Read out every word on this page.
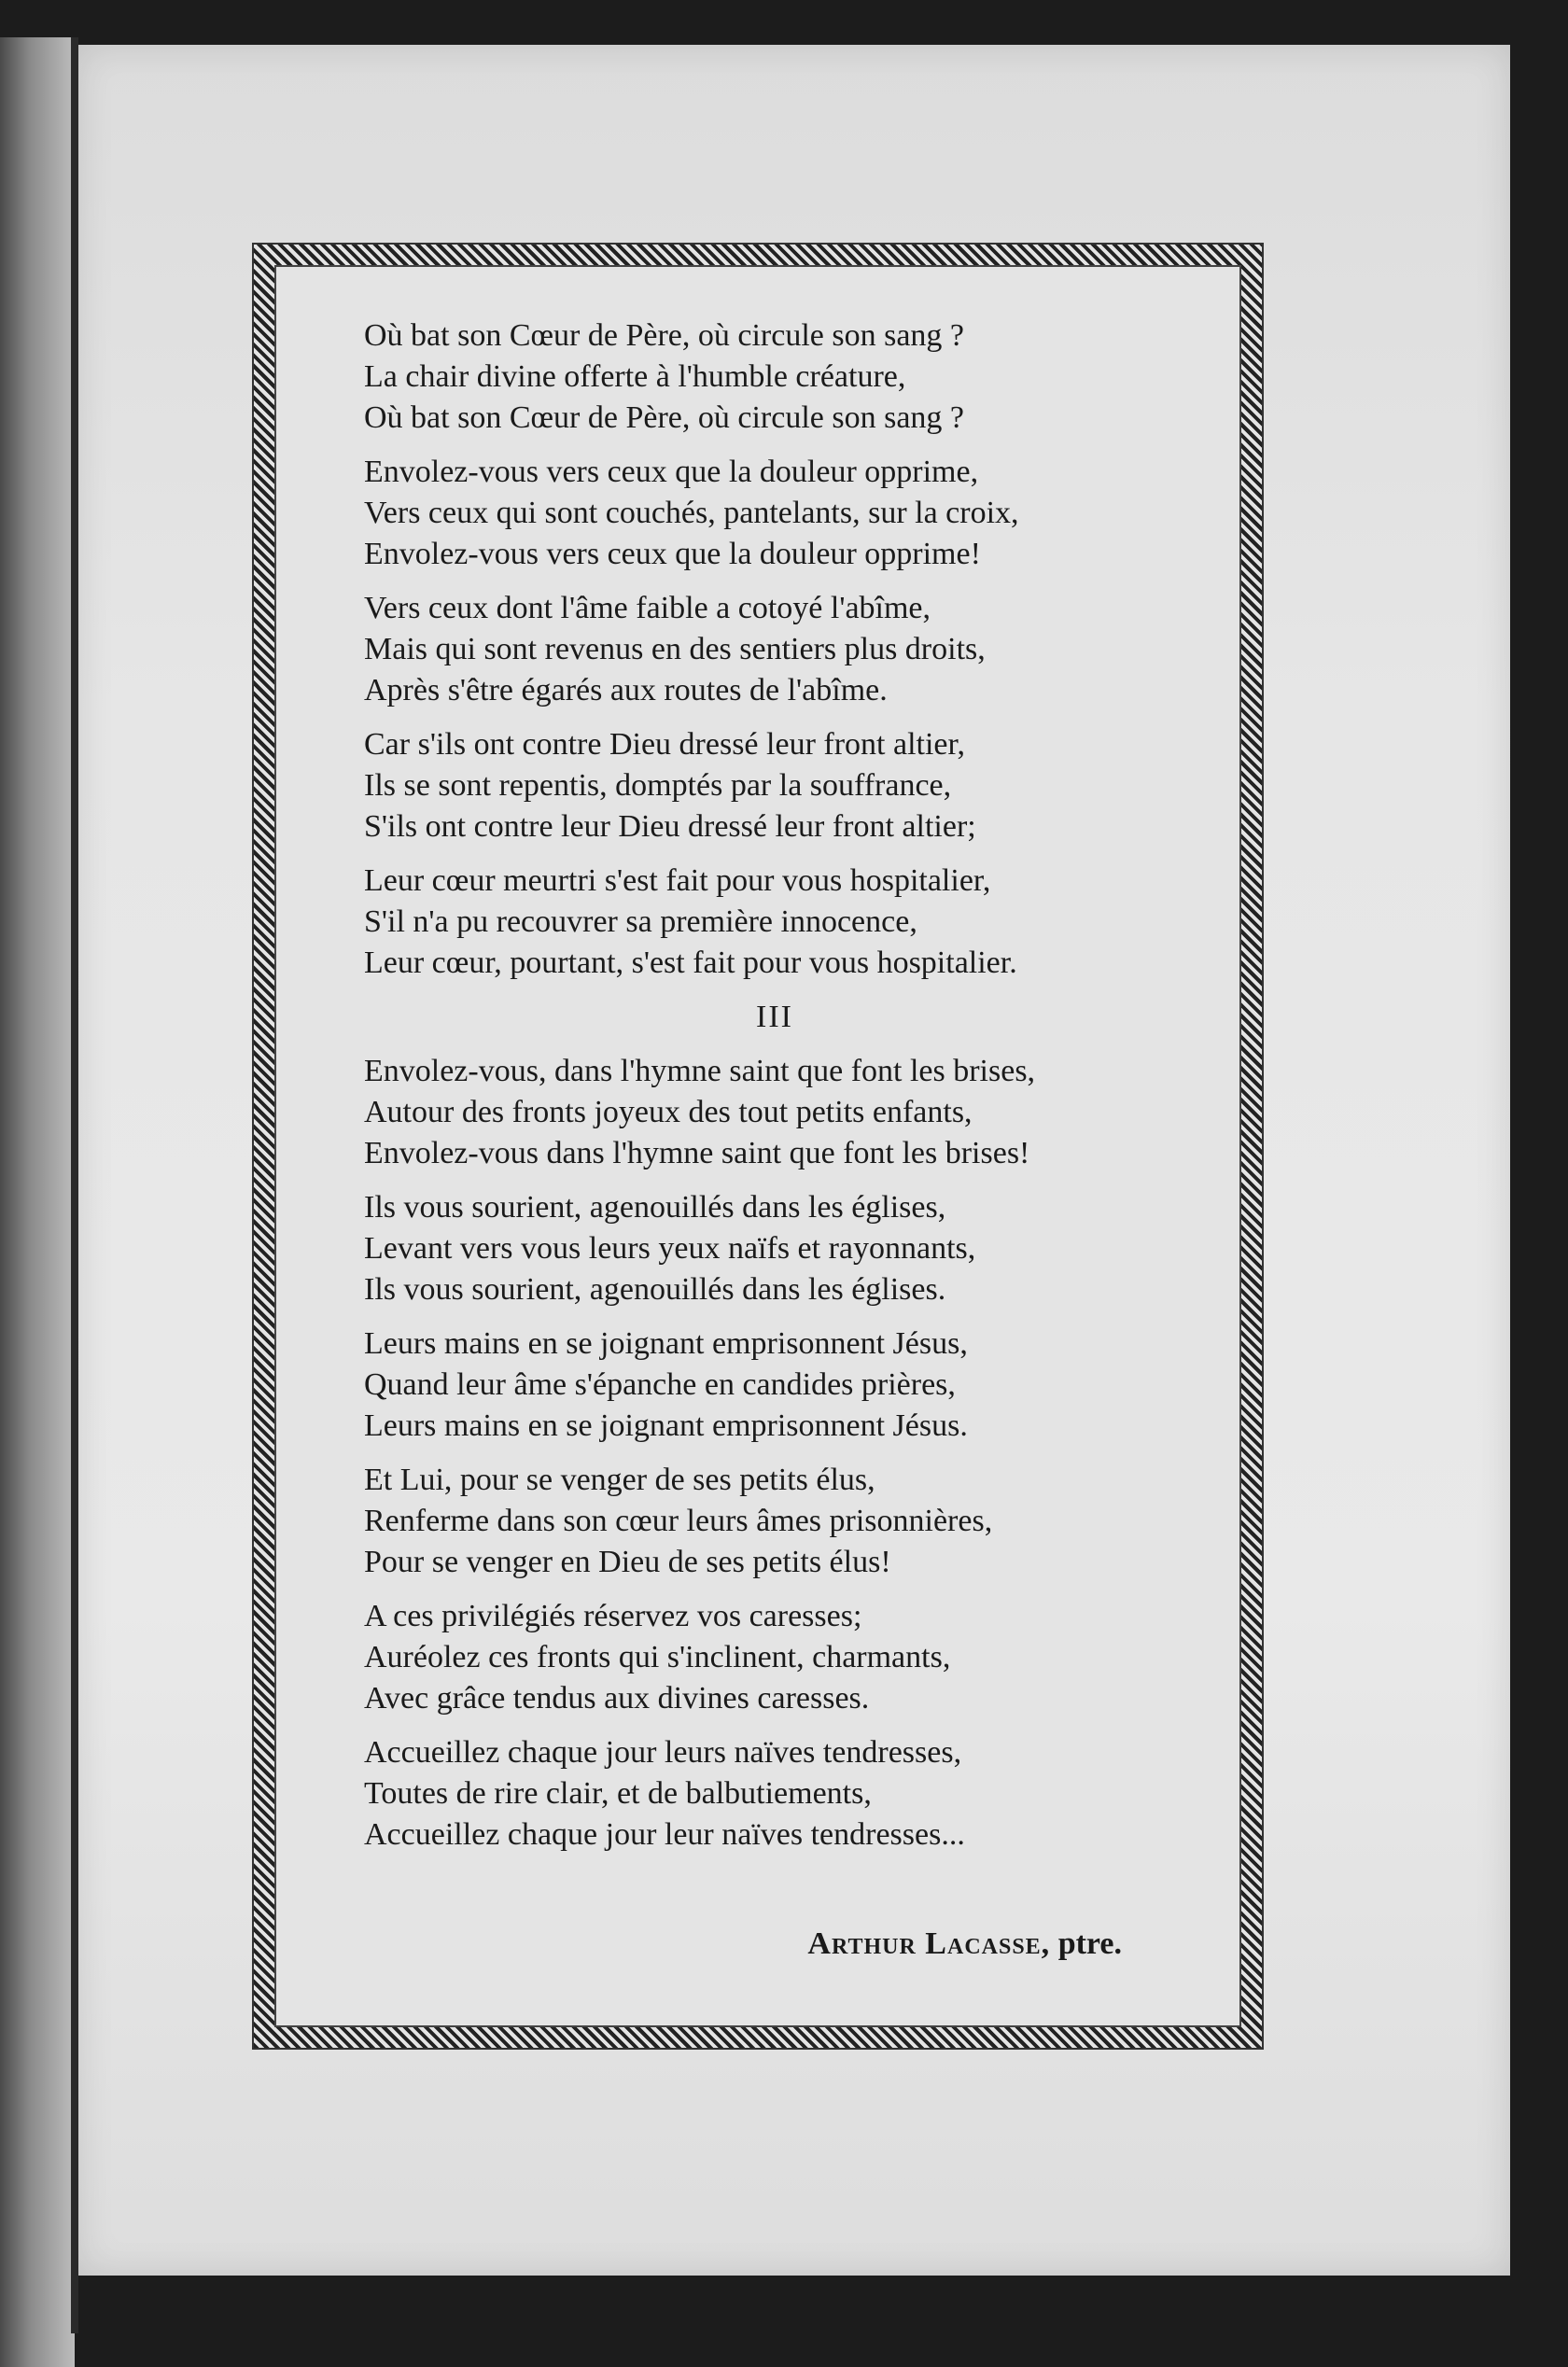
Où bat son Cœur de Père, où circule son sang ?
La chair divine offerte à l'humble créature,
Où bat son Cœur de Père, où circule son sang ?
Envolez-vous vers ceux que la douleur opprime,
Vers ceux qui sont couchés, pantelants, sur la croix,
Envolez-vous vers ceux que la douleur opprime!
Vers ceux dont l'âme faible a cotoyé l'abîme,
Mais qui sont revenus en des sentiers plus droits,
Après s'être égarés aux routes de l'abîme.
Car s'ils ont contre Dieu dressé leur front altier,
Ils se sont repentis, domptés par la souffrance,
S'ils ont contre leur Dieu dressé leur front altier;
Leur cœur meurtri s'est fait pour vous hospitalier,
S'il n'a pu recouvrer sa première innocence,
Leur cœur, pourtant, s'est fait pour vous hospitalier.
III
Envolez-vous, dans l'hymne saint que font les brises,
Autour des fronts joyeux des tout petits enfants,
Envolez-vous dans l'hymne saint que font les brises!
Ils vous sourient, agenouillés dans les églises,
Levant vers vous leurs yeux naïfs et rayonnants,
Ils vous sourient, agenouillés dans les églises.
Leurs mains en se joignant emprisonnent Jésus,
Quand leur âme s'épanche en candides prières,
Leurs mains en se joignant emprisonnent Jésus.
Et Lui, pour se venger de ses petits élus,
Renferme dans son cœur leurs âmes prisonnières,
Pour se venger en Dieu de ses petits élus!
A ces privilégiés réservez vos caresses;
Auréolez ces fronts qui s'inclinent, charmants,
Avec grâce tendus aux divines caresses.
Accueillez chaque jour leurs naïves tendresses,
Toutes de rire clair, et de balbutiements,
Accueillez chaque jour leur naïves tendresses...
Arthur Lacasse, ptre.
